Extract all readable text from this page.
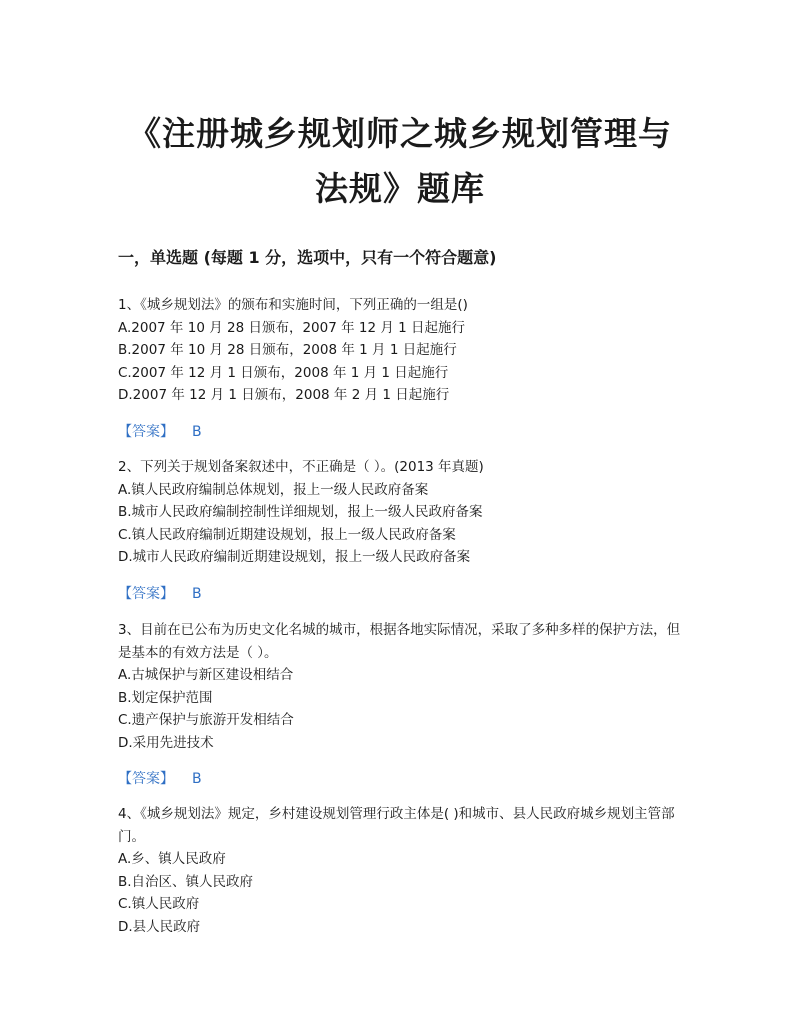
《注册城乡规划师之城乡规划管理与
法规》题库
一，单选题 (每题 1 分，选项中，只有一个符合题意)

1、《城乡规划法》的颁布和实施时间，下列正确的一组是()

A.2007 年 10 月 28 日颁布，2007 年 12 月 1 日起施行

B.2007 年 10 月 28 日颁布，2008 年 1 月 1 日起施行

C.2007 年 12 月 1 日颁布，2008 年 1 月 1 日起施行

D.2007 年 12 月 1 日颁布，2008 年 2 月 1 日起施行

【答案】 B

2、下列关于规划备案叙述中，不正确是（ ）。(2013 年真题)

A.镇人民政府编制总体规划，报上一级人民政府备案

B.城市人民政府编制控制性详细规划，报上一级人民政府备案

C.镇人民政府编制近期建设规划，报上一级人民政府备案

D.城市人民政府编制近期建设规划，报上一级人民政府备案

【答案】 B

3、目前在已公布为历史文化名城的城市，根据各地实际情况，采取了多种多样的保护方法，但是基本的有效方法是（ ）。

A.古城保护与新区建设相结合

B.划定保护范围

C.遗产保护与旅游开发相结合

D.采用先进技术

【答案】 B

4、《城乡规划法》规定，乡村建设规划管理行政主体是( )和城市、县人民政府城乡规划主管部门。

A.乡、镇人民政府

B.自治区、镇人民政府

C.镇人民政府

D.县人民政府
